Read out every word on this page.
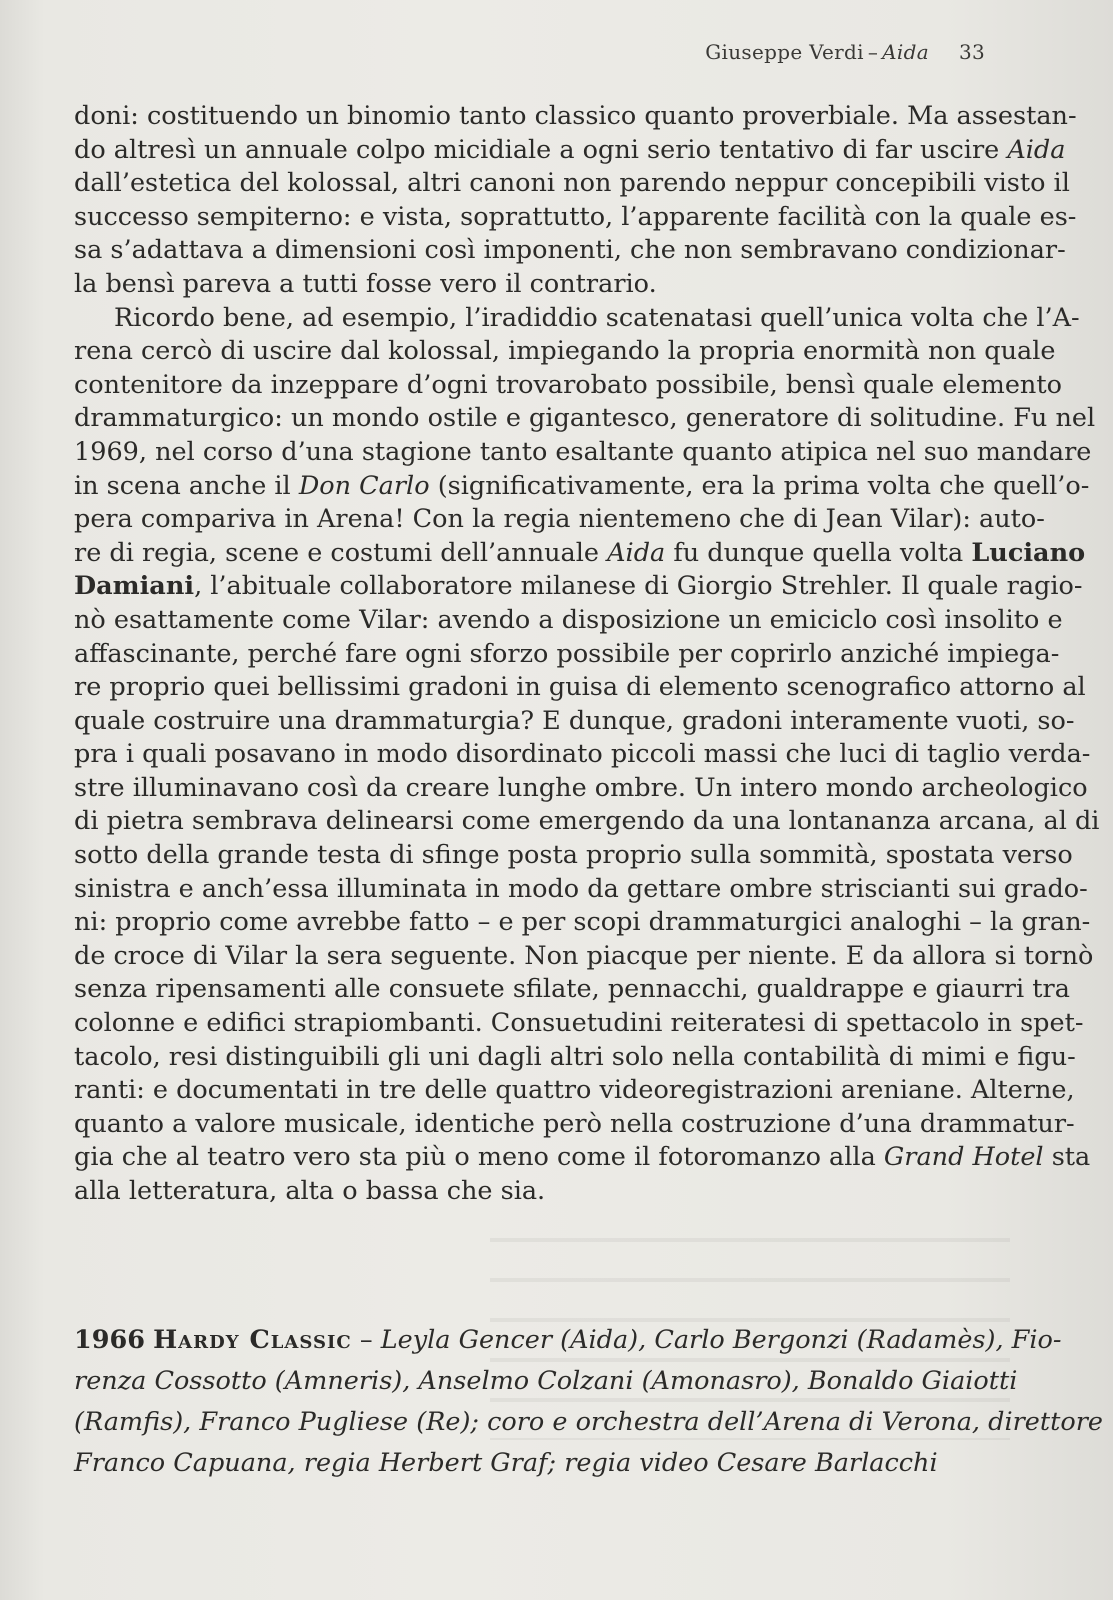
Giuseppe Verdi – Aida 33
doni: costituendo un binomio tanto classico quanto proverbiale. Ma assestan-
do altresì un annuale colpo micidiale a ogni serio tentativo di far uscire Aida
dall’estetica del kolossal, altri canoni non parendo neppur concepibili visto il
successo sempiterno: e vista, soprattutto, l’apparente facilità con la quale es-
sa s’adattava a dimensioni così imponenti, che non sembravano condizionar-
la bensì pareva a tutti fosse vero il contrario.
Ricordo bene, ad esempio, l’iradiddio scatenatasi quell’unica volta che l’A-
rena cercò di uscire dal kolossal, impiegando la propria enormità non quale
contenitore da inzeppare d’ogni trovarobato possibile, bensì quale elemento
drammaturgico: un mondo ostile e gigantesco, generatore di solitudine. Fu nel
1969, nel corso d’una stagione tanto esaltante quanto atipica nel suo mandare
in scena anche il Don Carlo (significativamente, era la prima volta che quell’o-
pera compariva in Arena! Con la regia nientemeno che di Jean Vilar): auto-
re di regia, scene e costumi dell’annuale Aida fu dunque quella volta Luciano
Damiani, l’abituale collaboratore milanese di Giorgio Strehler. Il quale ragio-
nò esattamente come Vilar: avendo a disposizione un emiciclo così insolito e
affascinante, perché fare ogni sforzo possibile per coprirlo anziché impiega-
re proprio quei bellissimi gradoni in guisa di elemento scenografico attorno al
quale costruire una drammaturgia? E dunque, gradoni interamente vuoti, so-
pra i quali posavano in modo disordinato piccoli massi che luci di taglio verda-
stre illuminavano così da creare lunghe ombre. Un intero mondo archeologico
di pietra sembrava delinearsi come emergendo da una lontananza arcana, al di
sotto della grande testa di sfinge posta proprio sulla sommità, spostata verso
sinistra e anch’essa illuminata in modo da gettare ombre striscianti sui grado-
ni: proprio come avrebbe fatto – e per scopi drammaturgici analoghi – la gran-
de croce di Vilar la sera seguente. Non piacque per niente. E da allora si tornò
senza ripensamenti alle consuete sfilate, pennacchi, gualdrappe e giaurri tra
colonne e edifici strapiombanti. Consuetudini reiteratesi di spettacolo in spet-
tacolo, resi distinguibili gli uni dagli altri solo nella contabilità di mimi e figu-
ranti: e documentati in tre delle quattro videoregistrazioni areniane. Alterne,
quanto a valore musicale, identiche però nella costruzione d’una drammatur-
gia che al teatro vero sta più o meno come il fotoromanzo alla Grand Hotel sta
alla letteratura, alta o bassa che sia.
1966 Hardy Classic – Leyla Gencer (Aida), Carlo Bergonzi (Radamès), Fio-
renza Cossotto (Amneris), Anselmo Colzani (Amonasro), Bonaldo Giaiotti
(Ramfis), Franco Pugliese (Re); coro e orchestra dell’Arena di Verona, direttore
Franco Capuana, regia Herbert Graf; regia video Cesare Barlacchi
